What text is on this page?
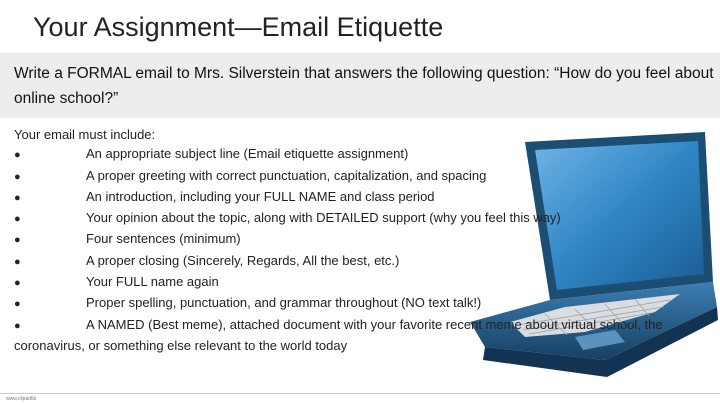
Your Assignment—Email Etiquette
Write a FORMAL email to Mrs. Silverstein that answers the following question: “How do you feel about online school?”
Your email must include:
●	An appropriate subject line (Email etiquette assignment)
●	A proper greeting with correct punctuation, capitalization, and spacing
●	An introduction, including your FULL NAME and class period
●	Your opinion about the topic, along with DETAILED support (why you feel this way)
●	Four sentences (minimum)
●	A proper closing (Sincerely, Regards, All the best, etc.)
●	Your FULL name again
●	Proper spelling, punctuation, and grammar throughout (NO text talk!)
●	A NAMED (Best meme), attached document with your favorite recent meme about virtual school, the coronavirus, or something else relevant to the world today
www.clipartlib
